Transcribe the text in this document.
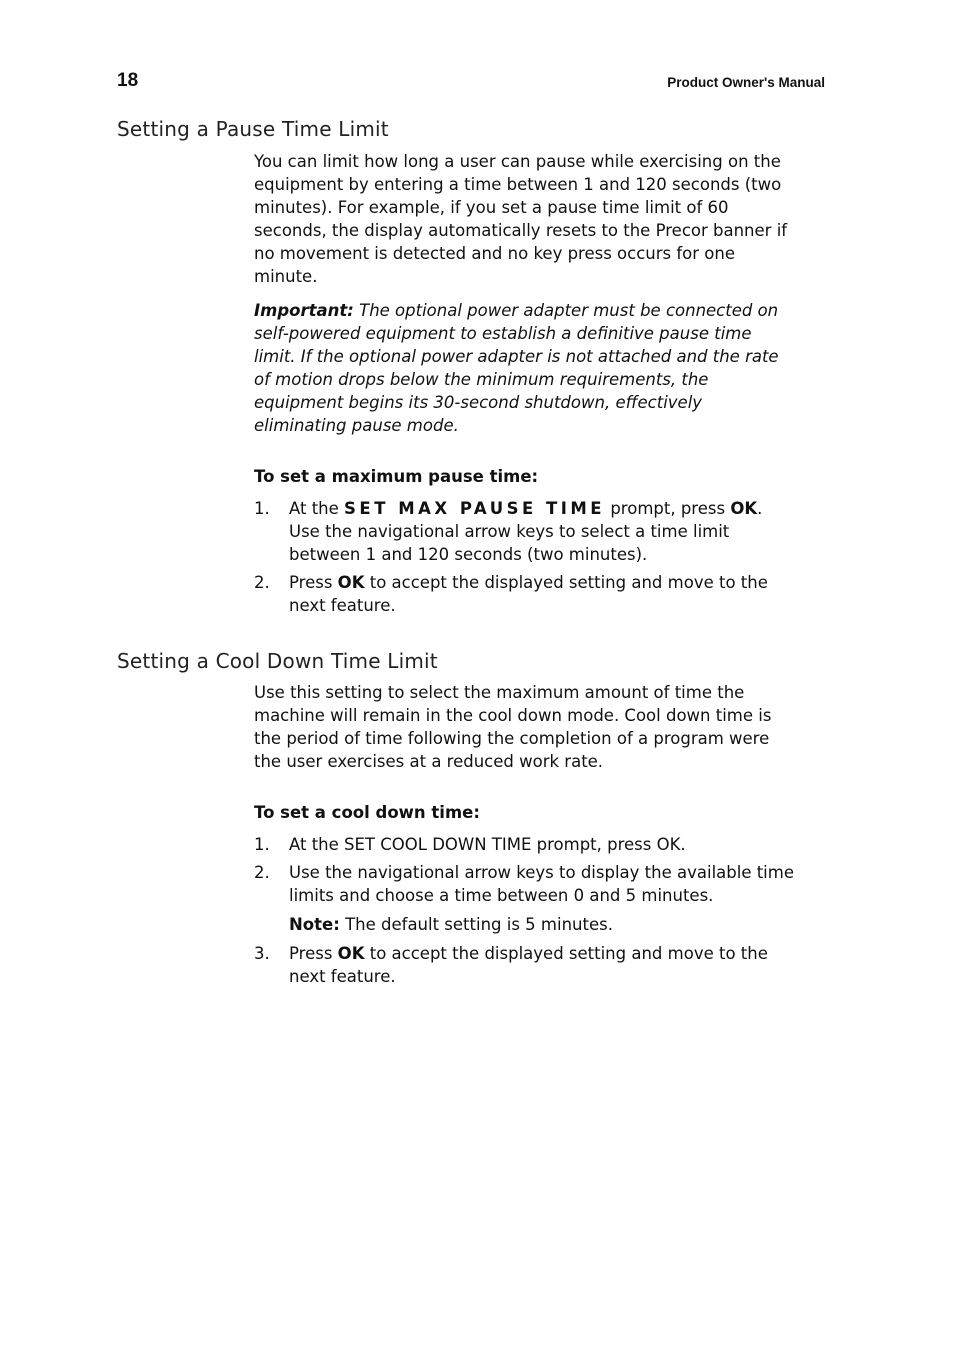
18	Product Owner's Manual
Setting a Pause Time Limit

You can limit how long a user can pause while exercising on the equipment by entering a time between 1 and 120 seconds (two minutes). For example, if you set a pause time limit of 60 seconds, the display automatically resets to the Precor banner if no movement is detected and no key press occurs for one minute.

Important: The optional power adapter must be connected on self-powered equipment to establish a definitive pause time limit. If the optional power adapter is not attached and the rate of motion drops below the minimum requirements, the equipment begins its 30-second shutdown, effectively eliminating pause mode.

To set a maximum pause time:
1. At the SET MAX PAUSE TIME prompt, press OK. Use the navigational arrow keys to select a time limit between 1 and 120 seconds (two minutes).
2. Press OK to accept the displayed setting and move to the next feature.
Setting a Cool Down Time Limit

Use this setting to select the maximum amount of time the machine will remain in the cool down mode. Cool down time is the period of time following the completion of a program were the user exercises at a reduced work rate.

To set a cool down time:
1. At the SET COOL DOWN TIME prompt, press OK.
2. Use the navigational arrow keys to display the available time limits and choose a time between 0 and 5 minutes.
Note: The default setting is 5 minutes.
3. Press OK to accept the displayed setting and move to the next feature.
